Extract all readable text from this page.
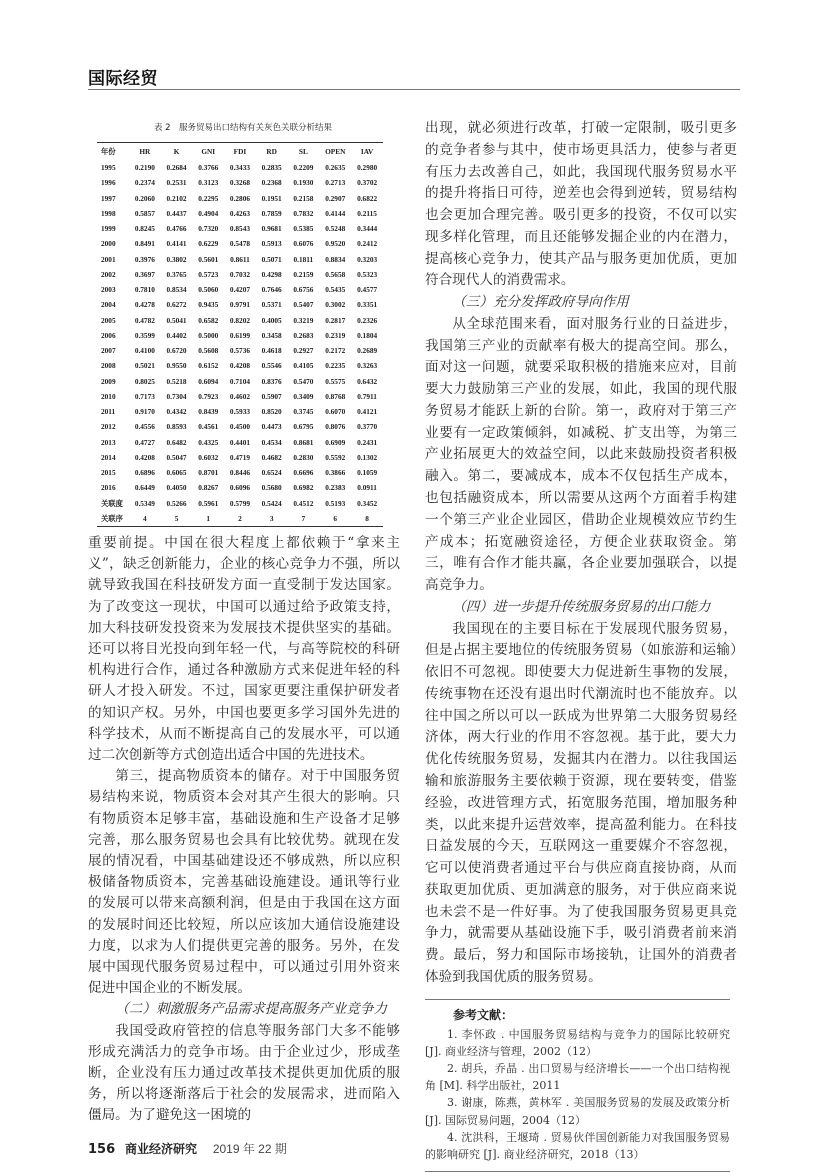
国际经贸
表 2　服务贸易出口结构有关灰色关联分析结果
年份	HR	K	GNI	FDI	RD	SL	OPEN	IAV
1995	0.2190	0.2684	0.3766	0.3433	0.2835	0.2209	0.2635	0.2980
1996	0.2374	0.2531	0.3123	0.3268	0.2368	0.1930	0.2713	0.3702
1997	0.2060	0.2102	0.2295	0.2806	0.1951	0.2158	0.2907	0.6822
1998	0.5857	0.4437	0.4904	0.4263	0.7859	0.7832	0.4144	0.2115
1999	0.8245	0.4766	0.7320	0.8543	0.9681	0.5385	0.5248	0.3444
2000	0.8491	0.4141	0.6229	0.5478	0.5913	0.6076	0.9520	0.2412
2001	0.3976	0.3802	0.5601	0.8611	0.5071	0.1811	0.8834	0.3203
2002	0.3697	0.3765	0.5723	0.7032	0.4298	0.2159	0.5658	0.5323
2003	0.7810	0.8534	0.5060	0.4207	0.7646	0.6756	0.5435	0.4577
2004	0.4278	0.6272	0.9435	0.9791	0.5371	0.5407	0.3002	0.3351
2005	0.4782	0.5041	0.6582	0.8202	0.4005	0.3219	0.2817	0.2326
2006	0.3599	0.4402	0.5000	0.6199	0.3458	0.2683	0.2319	0.1804
2007	0.4100	0.6720	0.5608	0.5736	0.4618	0.2927	0.2172	0.2689
2008	0.5021	0.9550	0.6152	0.4208	0.5546	0.4105	0.2235	0.3263
2009	0.8025	0.5218	0.6094	0.7104	0.8376	0.5470	0.5575	0.6432
2010	0.7173	0.7304	0.7923	0.4602	0.5907	0.3409	0.8768	0.7911
2011	0.9170	0.4342	0.8439	0.5933	0.8520	0.3745	0.6070	0.4121
2012	0.4556	0.8593	0.4561	0.4500	0.4473	0.6795	0.8076	0.3770
2013	0.4727	0.6482	0.4325	0.4401	0.4534	0.8681	0.6909	0.2431
2014	0.4208	0.5047	0.6032	0.4719	0.4682	0.2830	0.5592	0.1302
2015	0.6896	0.6065	0.8701	0.8446	0.6524	0.6696	0.3866	0.1059
2016	0.6449	0.4050	0.8267	0.6096	0.5680	0.6982	0.2383	0.0911
关联度	0.5349	0.5266	0.5961	0.5799	0.5424	0.4512	0.5193	0.3452
关联序	4	5	1	2	3	7	6	8

重要前提。中国在很大程度上都依赖于“拿来主义”，缺乏创新能力，企业的核心竞争力不强，所以就导致我国在科技研发方面一直受制于发达国家。为了改变这一现状，中国可以通过给予政策支持，加大科技研发投资来为发展技术提供坚实的基础。还可以将目光投向到年轻一代，与高等院校的科研机构进行合作，通过各种激励方式来促进年轻的科研人才投入研发。不过，国家更要注重保护研发者的知识产权。另外，中国也要更多学习国外先进的科学技术，从而不断提高自己的发展水平，可以通过二次创新等方式创造出适合中国的先进技术。

第三，提高物质资本的储存。对于中国服务贸易结构来说，物质资本会对其产生很大的影响。只有物质资本足够丰富，基础设施和生产设备才足够完善，那么服务贸易也会具有比较优势。就现在发展的情况看，中国基础建设还不够成熟，所以应积极储备物质资本，完善基础设施建设。通讯等行业的发展可以带来高额利润，但是由于我国在这方面的发展时间还比较短，所以应该加大通信设施建设力度，以求为人们提供更完善的服务。另外，在发展中国现代服务贸易过程中，可以通过引用外资来促进中国企业的不断发展。

（二）刺激服务产品需求提高服务产业竞争力

我国受政府管控的信息等服务部门大多不能够形成充满活力的竞争市场。由于企业过少，形成垄断，企业没有压力通过改革技术提供更加优质的服务，所以将逐渐落后于社会的发展需求，进而陷入僵局。为了避免这一困境的

156 商业经济研究 2019 年 22 期

出现，就必须进行改革，打破一定限制，吸引更多的竞争者参与其中，使市场更具活力，使参与者更有压力去改善自己，如此，我国现代服务贸易水平的提升将指日可待，逆差也会得到逆转，贸易结构也会更加合理完善。吸引更多的投资，不仅可以实现多样化管理，而且还能够发掘企业的内在潜力，提高核心竞争力，使其产品与服务更加优质，更加符合现代人的消费需求。

（三）充分发挥政府导向作用

从全球范围来看，面对服务行业的日益进步，我国第三产业的贡献率有极大的提高空间。那么，面对这一问题，就要采取积极的措施来应对，目前要大力鼓励第三产业的发展，如此，我国的现代服务贸易才能跃上新的台阶。第一，政府对于第三产业要有一定政策倾斜，如减税、扩支出等，为第三产业拓展更大的效益空间，以此来鼓励投资者积极融入。第二，要减成本，成本不仅包括生产成本，也包括融资成本，所以需要从这两个方面着手构建一个第三产业企业园区，借助企业规模效应节约生产成本；拓宽融资途径，方便企业获取资金。第三，唯有合作才能共赢，各企业要加强联合，以提高竞争力。

（四）进一步提升传统服务贸易的出口能力

我国现在的主要目标在于发展现代服务贸易，但是占据主要地位的传统服务贸易（如旅游和运输）依旧不可忽视。即使要大力促进新生事物的发展，传统事物在还没有退出时代潮流时也不能放弃。以往中国之所以可以一跃成为世界第二大服务贸易经济体，两大行业的作用不容忽视。基于此，要大力优化传统服务贸易，发掘其内在潜力。以往我国运输和旅游服务主要依赖于资源，现在要转变，借鉴经验，改进管理方式，拓宽服务范围，增加服务种类，以此来提升运营效率，提高盈利能力。在科技日益发展的今天，互联网这一重要媒介不容忽视，它可以使消费者通过平台与供应商直接协商，从而获取更加优质、更加满意的服务，对于供应商来说也未尝不是一件好事。为了使我国服务贸易更具竞争力，就需要从基础设施下手，吸引消费者前来消费。最后，努力和国际市场接轨，让国外的消费者体验到我国优质的服务贸易。

参考文献：

1. 李怀政 . 中国服务贸易结构与竞争力的国际比较研究 [J]. 商业经济与管理，2002（12）

2. 胡兵，乔晶 . 出口贸易与经济增长——一个出口结构视角 [M]. 科学出版社，2011

3. 谢康，陈燕，黄林军 . 美国服务贸易的发展及政策分析 [J]. 国际贸易问题，2004（12）

4. 沈洪科，王堰琦 . 贸易伙伴国创新能力对我国服务贸易的影响研究 [J]. 商业经济研究，2018（13）
